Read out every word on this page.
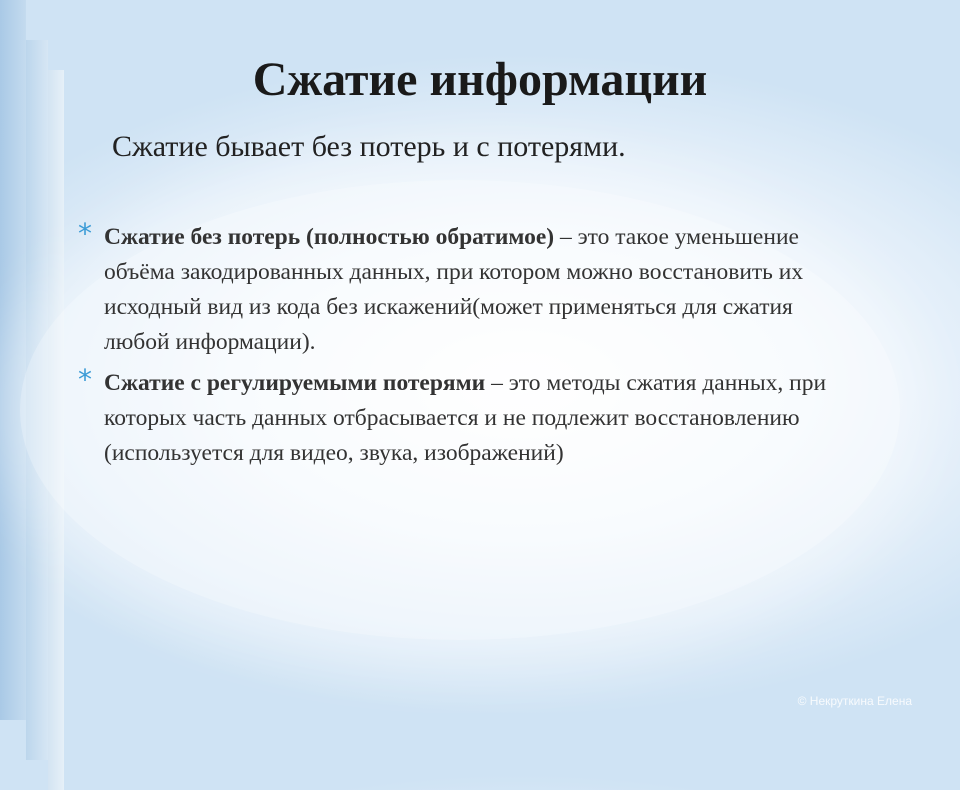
Сжатие информации

Сжатие бывает без потерь и с потерями.

* Сжатие без потерь (полностью обратимое) – это такое уменьшение объёма закодированных данных, при котором можно восстановить их исходный вид из кода без искажений(может применяться для сжатия любой информации).
* Сжатие с регулируемыми потерями – это методы сжатия данных, при которых часть данных отбрасывается и не подлежит восстановлению (используется для видео, звука, изображений)
© Некруткина Елена
